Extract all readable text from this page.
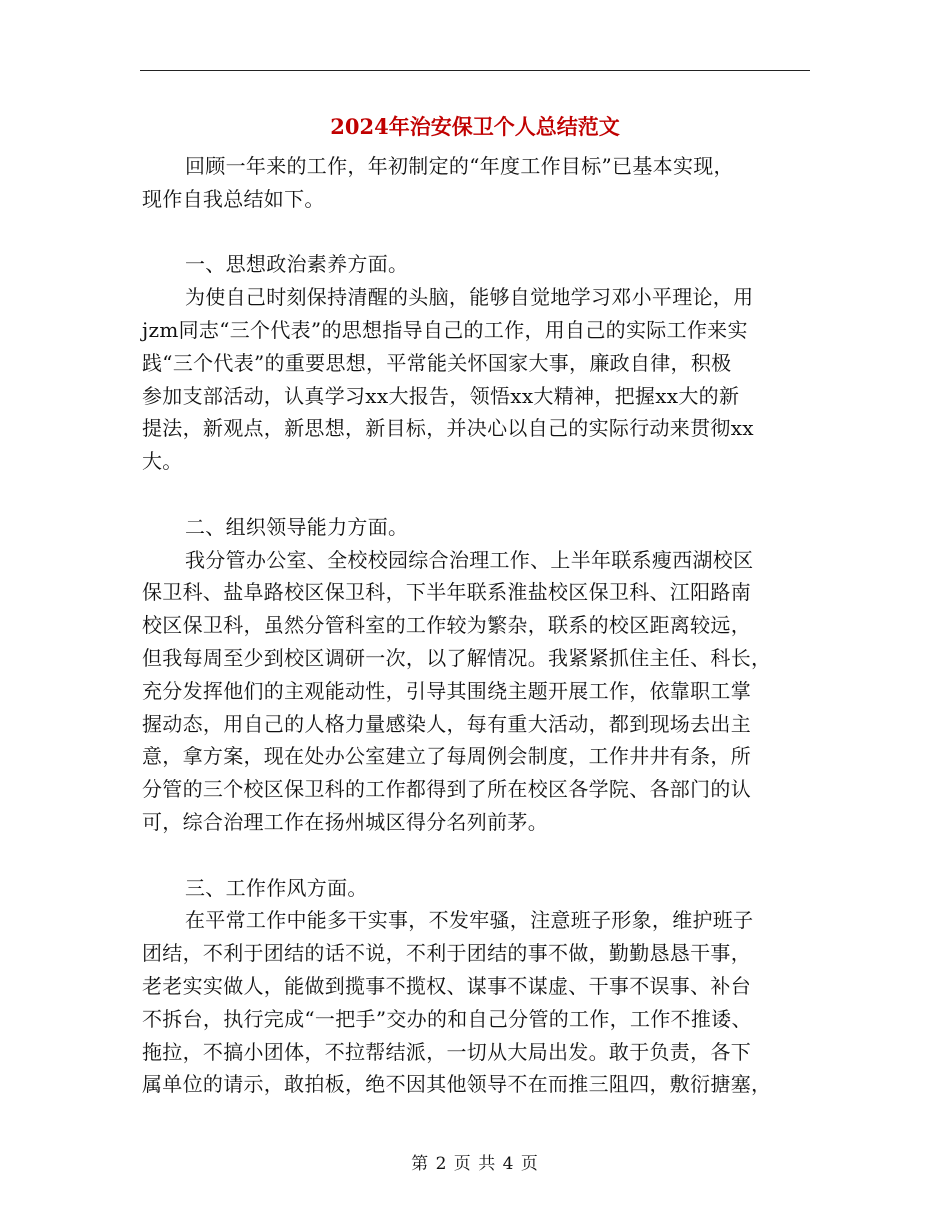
2024年治安保卫个人总结范文
回顾一年来的工作，年初制定的“年度工作目标”已基本实现，
现作自我总结如下。
一、思想政治素养方面。
为使自己时刻保持清醒的头脑，能够自觉地学习邓小平理论，用
jzm同志“三个代表”的思想指导自己的工作，用自己的实际工作来实
践“三个代表”的重要思想，平常能关怀国家大事，廉政自律，积极
参加支部活动，认真学习xx大报告，领悟xx大精神，把握xx大的新
提法，新观点，新思想，新目标，并决心以自己的实际行动来贯彻xx
大。
二、组织领导能力方面。
我分管办公室、全校校园综合治理工作、上半年联系瘦西湖校区
保卫科、盐阜路校区保卫科，下半年联系淮盐校区保卫科、江阳路南
校区保卫科，虽然分管科室的工作较为繁杂，联系的校区距离较远，
但我每周至少到校区调研一次，以了解情况。我紧紧抓住主任、科长，
充分发挥他们的主观能动性，引导其围绕主题开展工作，依靠职工掌
握动态，用自己的人格力量感染人，每有重大活动，都到现场去出主
意，拿方案，现在处办公室建立了每周例会制度，工作井井有条，所
分管的三个校区保卫科的工作都得到了所在校区各学院、各部门的认
可，综合治理工作在扬州城区得分名列前茅。
三、工作作风方面。
在平常工作中能多干实事，不发牢骚，注意班子形象，维护班子
团结，不利于团结的话不说，不利于团结的事不做，勤勤恳恳干事，
老老实实做人，能做到揽事不揽权、谋事不谋虚、干事不误事、补台
不拆台，执行完成“一把手”交办的和自己分管的工作，工作不推诿、
拖拉，不搞小团体，不拉帮结派，一切从大局出发。敢于负责，各下
属单位的请示，敢拍板，绝不因其他领导不在而推三阻四，敷衍搪塞，
第 2 页 共 4 页
